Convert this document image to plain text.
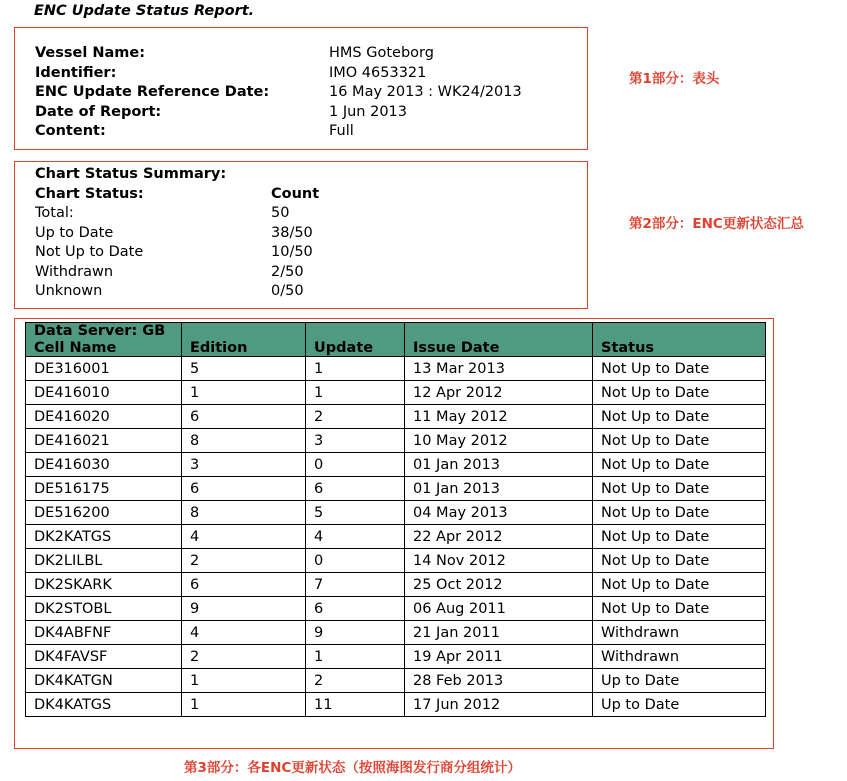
ENC Update Status Report.
Vessel Name:	HMS Goteborg
Identifier:	IMO 4653321
ENC Update Reference Date:	16 May 2013 : WK24/2013
Date of Report:	1 Jun 2013
Content:	Full
第1部分：表头
Chart Status Summary:
Chart Status:	Count
Total:	50
Up to Date	38/50
Not Up to Date	10/50
Withdrawn	2/50
Unknown	0/50
第2部分：ENC更新状态汇总
Data Server: GB				
Cell Name	Edition	Update	Issue Date	Status
DE316001	5	1	13 Mar 2013	Not Up to Date
DE416010	1	1	12 Apr 2012	Not Up to Date
DE416020	6	2	11 May 2012	Not Up to Date
DE416021	8	3	10 May 2012	Not Up to Date
DE416030	3	0	01 Jan 2013	Not Up to Date
DE516175	6	6	01 Jan 2013	Not Up to Date
DE516200	8	5	04 May 2013	Not Up to Date
DK2KATGS	4	4	22 Apr 2012	Not Up to Date
DK2LILBL	2	0	14 Nov 2012	Not Up to Date
DK2SKARK	6	7	25 Oct 2012	Not Up to Date
DK2STOBL	9	6	06 Aug 2011	Not Up to Date
DK4ABFNF	4	9	21 Jan 2011	Withdrawn
DK4FAVSF	2	1	19 Apr 2011	Withdrawn
DK4KATGN	1	2	28 Feb 2013	Up to Date
DK4KATGS	1	11	17 Jun 2012	Up to Date
第3部分：各ENC更新状态（按照海图发行商分组统计）
